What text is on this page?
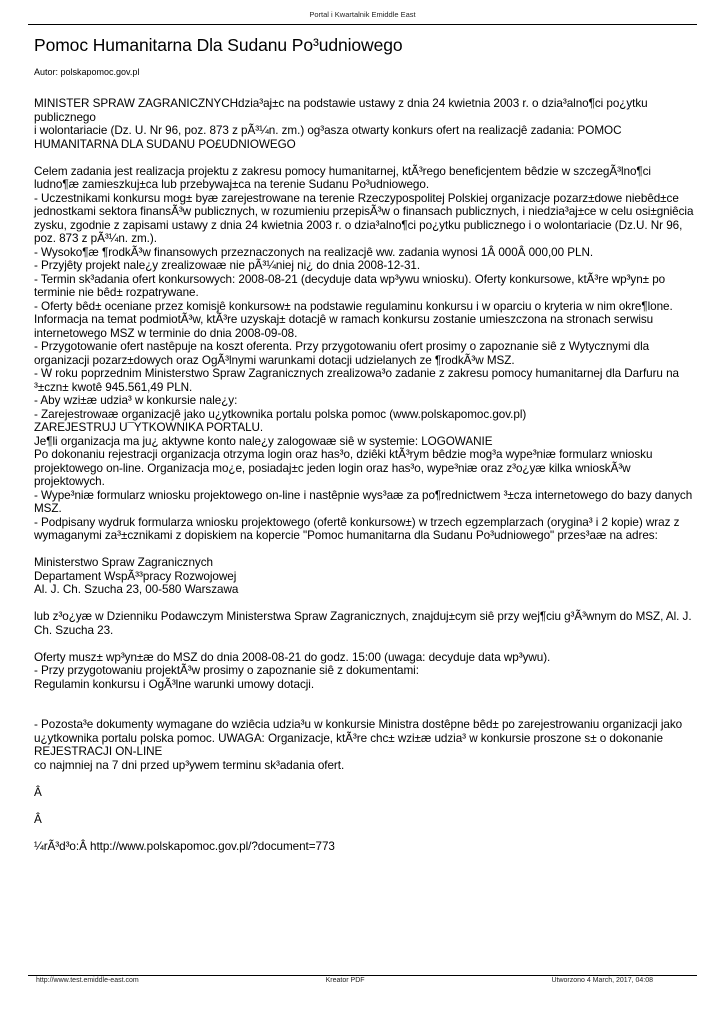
Portal i Kwartalnik Emiddle East
Pomoc Humanitarna Dla Sudanu Po³udniowego
Autor: polskapomoc.gov.pl

MINISTER SPRAW ZAGRANICZNYCHdzia³aj±c na podstawie ustawy z dnia 24 kwietnia 2003 r. o dzia³alno¶ci po¿ytku publicznego
i wolontariacie (Dz. U. Nr 96, poz. 873 z pÃ³¼n. zm.) og³asza otwarty konkurs ofert na realizacjê zadania: POMOC HUMANITARNA DLA SUDANU PO£UDNIOWEGO

Celem zadania jest realizacja projektu z zakresu pomocy humanitarnej, ktÃ³rego beneficjentem bêdzie w szczegÃ³lno¶ci ludno¶æ zamieszkuj±ca lub przebywaj±ca na terenie Sudanu Po³udniowego.
- Uczestnikami konkursu mog± byæ zarejestrowane na terenie Rzeczypospolitej Polskiej organizacje pozarz±dowe niebêd±ce jednostkami sektora finansÃ³w publicznych, w rozumieniu przepisÃ³w o finansach publicznych, i niedzia³aj±ce w celu osi±gniêcia zysku, zgodnie z zapisami ustawy z dnia 24 kwietnia 2003 r. o dzia³alno¶ci po¿ytku publicznego i o wolontariacie (Dz.U. Nr 96, poz. 873 z pÃ³¼n. zm.).
- Wysoko¶æ ¶rodkÃ³w finansowych przeznaczonych na realizacjê ww. zadania wynosi 1Â 000Â 000,00 PLN.
- Przyjêty projekt nale¿y zrealizowaæ nie pÃ³¼niej ni¿ do dnia 2008-12-31.
- Termin sk³adania ofert konkursowych: 2008-08-21 (decyduje data wp³ywu wniosku). Oferty konkursowe, ktÃ³re wp³yn± po terminie nie bêd± rozpatrywane.
- Oferty bêd± oceniane przez komisjê konkursow± na podstawie regulaminu konkursu i w oparciu o kryteria w nim okre¶lone. Informacja na temat podmiotÃ³w, ktÃ³re uzyskaj± dotacjê w ramach konkursu zostanie umieszczona na stronach serwisu internetowego MSZ w terminie do dnia 2008-09-08.
- Przygotowanie ofert nastêpuje na koszt oferenta. Przy przygotowaniu ofert prosimy o zapoznanie siê z Wytycznymi dla organizacji pozarz±dowych oraz OgÃ³lnymi warunkami dotacji udzielanych ze ¶rodkÃ³w MSZ.
- W roku poprzednim Ministerstwo Spraw Zagranicznych zrealizowa³o zadanie z zakresu pomocy humanitarnej dla Darfuru na ³±czn± kwotê 945.561,49 PLN.
- Aby wzi±æ udzia³ w konkursie nale¿y:
- Zarejestrowaæ organizacjê jako u¿ytkownika portalu polska pomoc (www.polskapomoc.gov.pl)
ZAREJESTRUJ U¯YTKOWNIKA PORTALU.
Je¶li organizacja ma ju¿ aktywne konto nale¿y zalogowaæ siê w systemie: LOGOWANIE
Po dokonaniu rejestracji organizacja otrzyma login oraz has³o, dziêki ktÃ³rym bêdzie mog³a wype³niæ formularz wniosku projektowego on-line. Organizacja mo¿e, posiadaj±c jeden login oraz has³o, wype³niæ oraz z³o¿yæ kilka wnioskÃ³w projektowych.
- Wype³niæ formularz wniosku projektowego on-line i nastêpnie wys³aæ za po¶rednictwem ³±cza internetowego do bazy danych MSZ.
- Podpisany wydruk formularza wniosku projektowego (ofertê konkursow±) w trzech egzemplarzach (orygina³ i 2 kopie) wraz z wymaganymi za³±cznikami z dopiskiem na kopercie "Pomoc humanitarna dla Sudanu Po³udniowego" przes³aæ na adres:

Ministerstwo Spraw Zagranicznych
Departament WspÃ³³pracy Rozwojowej
Al. J. Ch. Szucha 23, 00-580 Warszawa

lub z³o¿yæ w Dzienniku Podawczym Ministerstwa Spraw Zagranicznych, znajduj±cym siê przy wej¶ciu g³Ã³wnym do MSZ, Al. J. Ch. Szucha 23.

Oferty musz± wp³yn±æ do MSZ do dnia 2008-08-21 do godz. 15:00 (uwaga: decyduje data wp³ywu).
- Przy przygotowaniu projektÃ³w prosimy o zapoznanie siê z dokumentami:
Regulamin konkursu i OgÃ³lne warunki umowy dotacji.

- Pozosta³e dokumenty wymagane do wziêcia udzia³u w konkursie Ministra dostêpne bêd± po zarejestrowaniu organizacji jako u¿ytkownika portalu polska pomoc. UWAGA: Organizacje, ktÃ³re chc± wzi±æ udzia³ w konkursie proszone s± o dokonanie REJESTRACJI ON-LINE
co najmniej na 7 dni przed up³ywem terminu sk³adania ofert.

Â

Â

¼rÃ³d³o:Â http://www.polskapomoc.gov.pl/?document=773

http://www.test.emiddle-east.com	Kreator PDF	Utworzono 4 March, 2017, 04:08
